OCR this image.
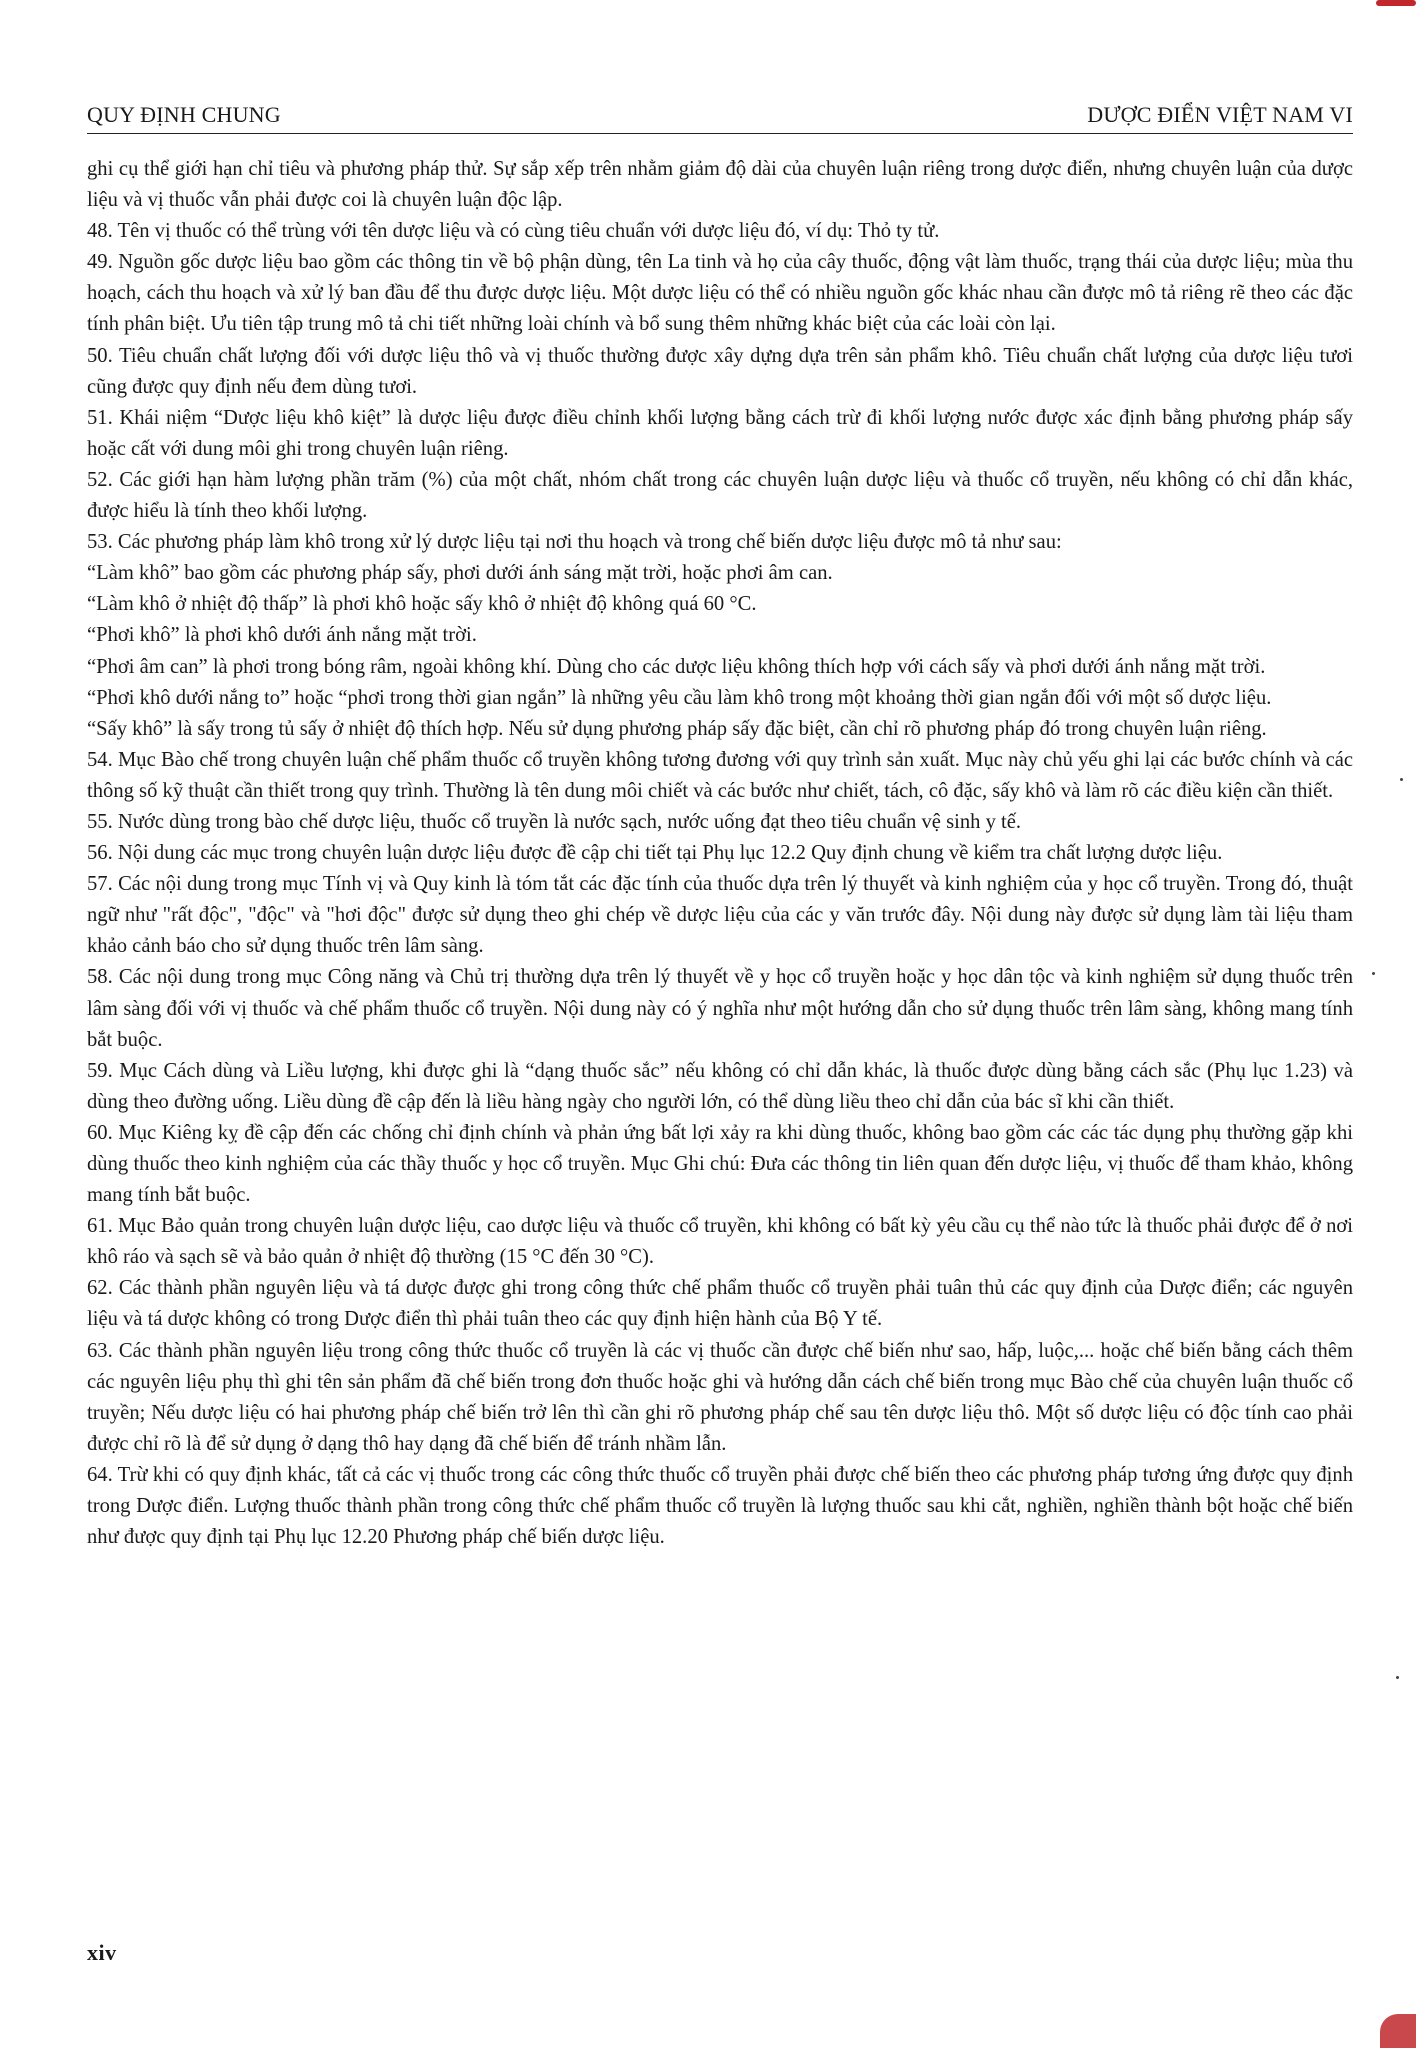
QUY ĐỊNH CHUNG	DƯỢC ĐIỂN VIỆT NAM VI

ghi cụ thể giới hạn chỉ tiêu và phương pháp thử. Sự sắp xếp trên nhằm giảm độ dài của chuyên luận riêng trong dược điển, nhưng chuyên luận của dược liệu và vị thuốc vẫn phải được coi là chuyên luận độc lập.

48. Tên vị thuốc có thể trùng với tên dược liệu và có cùng tiêu chuẩn với dược liệu đó, ví dụ: Thỏ ty tử.

49. Nguồn gốc dược liệu bao gồm các thông tin về bộ phận dùng, tên La tinh và họ của cây thuốc, động vật làm thuốc, trạng thái của dược liệu; mùa thu hoạch, cách thu hoạch và xử lý ban đầu để thu được dược liệu. Một dược liệu có thể có nhiều nguồn gốc khác nhau cần được mô tả riêng rẽ theo các đặc tính phân biệt. Ưu tiên tập trung mô tả chi tiết những loài chính và bổ sung thêm những khác biệt của các loài còn lại.

50. Tiêu chuẩn chất lượng đối với dược liệu thô và vị thuốc thường được xây dựng dựa trên sản phẩm khô. Tiêu chuẩn chất lượng của dược liệu tươi cũng được quy định nếu đem dùng tươi.

51. Khái niệm “Dược liệu khô kiệt” là dược liệu được điều chỉnh khối lượng bằng cách trừ đi khối lượng nước được xác định bằng phương pháp sấy hoặc cất với dung môi ghi trong chuyên luận riêng.

52. Các giới hạn hàm lượng phần trăm (%) của một chất, nhóm chất trong các chuyên luận dược liệu và thuốc cổ truyền, nếu không có chỉ dẫn khác, được hiểu là tính theo khối lượng.

53. Các phương pháp làm khô trong xử lý dược liệu tại nơi thu hoạch và trong chế biến dược liệu được mô tả như sau:

“Làm khô” bao gồm các phương pháp sấy, phơi dưới ánh sáng mặt trời, hoặc phơi âm can.

“Làm khô ở nhiệt độ thấp” là phơi khô hoặc sấy khô ở nhiệt độ không quá 60 °C.

“Phơi khô” là phơi khô dưới ánh nắng mặt trời.

“Phơi âm can” là phơi trong bóng râm, ngoài không khí. Dùng cho các dược liệu không thích hợp với cách sấy và phơi dưới ánh nắng mặt trời.

“Phơi khô dưới nắng to” hoặc “phơi trong thời gian ngắn” là những yêu cầu làm khô trong một khoảng thời gian ngắn đối với một số dược liệu.

“Sấy khô” là sấy trong tủ sấy ở nhiệt độ thích hợp. Nếu sử dụng phương pháp sấy đặc biệt, cần chỉ rõ phương pháp đó trong chuyên luận riêng.

54. Mục Bào chế trong chuyên luận chế phẩm thuốc cổ truyền không tương đương với quy trình sản xuất. Mục này chủ yếu ghi lại các bước chính và các thông số kỹ thuật cần thiết trong quy trình. Thường là tên dung môi chiết và các bước như chiết, tách, cô đặc, sấy khô và làm rõ các điều kiện cần thiết.

55. Nước dùng trong bào chế dược liệu, thuốc cổ truyền là nước sạch, nước uống đạt theo tiêu chuẩn vệ sinh y tế.

56. Nội dung các mục trong chuyên luận dược liệu được đề cập chi tiết tại Phụ lục 12.2 Quy định chung về kiểm tra chất lượng dược liệu.

57. Các nội dung trong mục Tính vị và Quy kinh là tóm tắt các đặc tính của thuốc dựa trên lý thuyết và kinh nghiệm của y học cổ truyền. Trong đó, thuật ngữ như "rất độc", "độc" và "hơi độc" được sử dụng theo ghi chép về dược liệu của các y văn trước đây. Nội dung này được sử dụng làm tài liệu tham khảo cảnh báo cho sử dụng thuốc trên lâm sàng.

58. Các nội dung trong mục Công năng và Chủ trị thường dựa trên lý thuyết về y học cổ truyền hoặc y học dân tộc và kinh nghiệm sử dụng thuốc trên lâm sàng đối với vị thuốc và chế phẩm thuốc cổ truyền. Nội dung này có ý nghĩa như một hướng dẫn cho sử dụng thuốc trên lâm sàng, không mang tính bắt buộc.

59. Mục Cách dùng và Liều lượng, khi được ghi là “dạng thuốc sắc” nếu không có chỉ dẫn khác, là thuốc được dùng bằng cách sắc (Phụ lục 1.23) và dùng theo đường uống. Liều dùng đề cập đến là liều hàng ngày cho người lớn, có thể dùng liều theo chỉ dẫn của bác sĩ khi cần thiết.

60. Mục Kiêng kỵ đề cập đến các chống chỉ định chính và phản ứng bất lợi xảy ra khi dùng thuốc, không bao gồm các các tác dụng phụ thường gặp khi dùng thuốc theo kinh nghiệm của các thầy thuốc y học cổ truyền. Mục Ghi chú: Đưa các thông tin liên quan đến dược liệu, vị thuốc để tham khảo, không mang tính bắt buộc.

61. Mục Bảo quản trong chuyên luận dược liệu, cao dược liệu và thuốc cổ truyền, khi không có bất kỳ yêu cầu cụ thể nào tức là thuốc phải được để ở nơi khô ráo và sạch sẽ và bảo quản ở nhiệt độ thường (15 °C đến 30 °C).

62. Các thành phần nguyên liệu và tá dược được ghi trong công thức chế phẩm thuốc cổ truyền phải tuân thủ các quy định của Dược điển; các nguyên liệu và tá dược không có trong Dược điển thì phải tuân theo các quy định hiện hành của Bộ Y tế.

63. Các thành phần nguyên liệu trong công thức thuốc cổ truyền là các vị thuốc cần được chế biến như sao, hấp, luộc,... hoặc chế biến bằng cách thêm các nguyên liệu phụ thì ghi tên sản phẩm đã chế biến trong đơn thuốc hoặc ghi và hướng dẫn cách chế biến trong mục Bào chế của chuyên luận thuốc cổ truyền; Nếu dược liệu có hai phương pháp chế biến trở lên thì cần ghi rõ phương pháp chế sau tên dược liệu thô. Một số dược liệu có độc tính cao phải được chỉ rõ là để sử dụng ở dạng thô hay dạng đã chế biến để tránh nhầm lẫn.

64. Trừ khi có quy định khác, tất cả các vị thuốc trong các công thức thuốc cổ truyền phải được chế biến theo các phương pháp tương ứng được quy định trong Dược điển. Lượng thuốc thành phần trong công thức chế phẩm thuốc cổ truyền là lượng thuốc sau khi cắt, nghiền, nghiền thành bột hoặc chế biến như được quy định tại Phụ lục 12.20 Phương pháp chế biến dược liệu.

xiv
